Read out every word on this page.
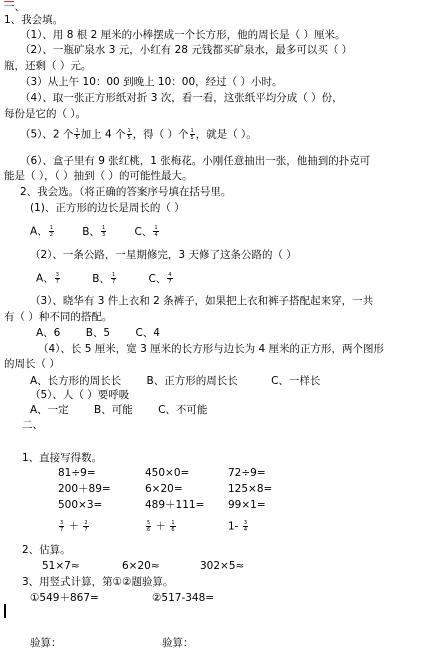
一、
1、我会填。
（1）、用 8 根 2 厘米的小棒摆成一个长方形，他的周长是（ ）厘米。
（2）、一瓶矿泉水 3 元，小红有 28 元钱都买矿泉水，最多可以买（ ）
瓶，还剩（ ）元。
（3）从上午 10：00 到晚上 10：00，经过（ ）小时。
（4）、取一张正方形纸对折 3 次，看一看，这张纸平均分成（ ）份，
每份是它的（ ）。
（5）、2 个 $\frac{1}{5}$ 加上 4 个 $\frac{1}{5}$ ，得（ ）个 $\frac{1}{5}$ ，就是（ ）。
（6）、盒子里有 9 张红桃，1 张梅花。小刚任意抽出一张，他抽到的扑克可
能是（ ），（ ）抽到（ ）的可能性最大。
2、我会选。（将正确的答案序号填在括号里。
(1)、正方形的边长是周长的（ ）
A、 $\frac{1}{2}$	B、 $\frac{1}{3}$	C、 $\frac{1}{4}$
（2）、一条公路，一星期修完，3 天修了这条公路的（ ）
A、 $\frac{3}{7}$	B、 $\frac{1}{7}$	C、 $\frac{4}{7}$
（3）、晓华有 3 件上衣和 2 条裤子，如果把上衣和裤子搭配起来穿，一共
有（ ）种不同的搭配。
A、6 B、5 C、4
（4）、长 5 厘米，宽 3 厘米的长方形与边长为 4 厘米的正方形，两个图形
的周长（ ）
A、长方形的周长长 B、正方形的周长长	C、一样长
（5）、人（ ）要呼吸
A、一定 B、可能 C、不可能
二、
1、直接写得数。
81÷9=	450×0=	72÷9=
200＋89=	6×20=	125×8=
500×3=	489＋111= 99×1=
$\frac{3}{7} + \frac{2}{7}$	$\frac{5}{6} + \frac{1}{6}$	$1- \frac{3}{4}$
2、估算。
51×7≈	6×20≈	302×5≈
3、用竖式计算，第①②题验算。
①549＋867=	②517-348=
验算：	验算：
